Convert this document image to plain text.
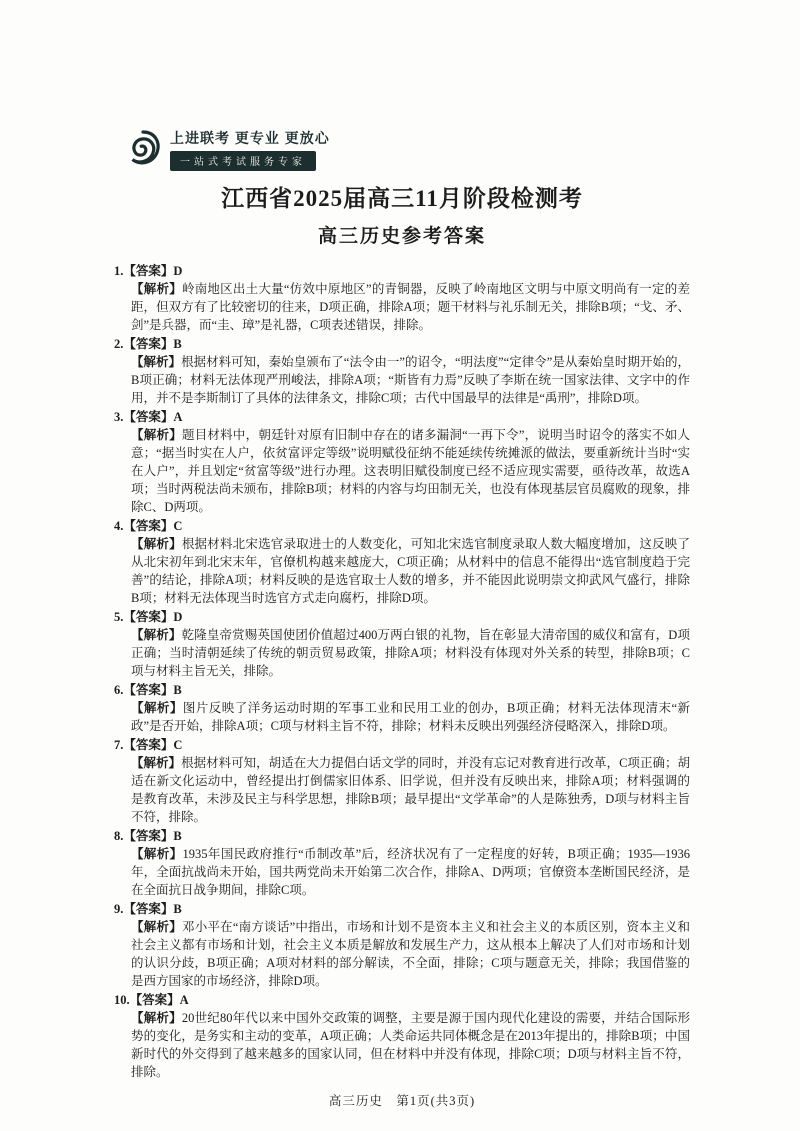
上进联考 更专业 更放心
一站式考试服务专家
江西省2025届高三11月阶段检测考
高三历史参考答案
1.【答案】D
【解析】岭南地区出土大量“仿效中原地区”的青铜器，反映了岭南地区文明与中原文明尚有一定的差距，但双方有了比较密切的往来，D项正确，排除A项；题干材料与礼乐制无关，排除B项；“戈、矛、剑”是兵器，而“圭、璋”是礼器，C项表述错误，排除。
2.【答案】B
【解析】根据材料可知，秦始皇颁布了“法令由一”的诏令，“明法度”“定律令”是从秦始皇时期开始的，B项正确；材料无法体现严刑峻法，排除A项；“斯皆有力焉”反映了李斯在统一国家法律、文字中的作用，并不是李斯制订了具体的法律条文，排除C项；古代中国最早的法律是“禹刑”，排除D项。
3.【答案】A
【解析】题目材料中，朝廷针对原有旧制中存在的诸多漏洞“一再下令”，说明当时诏令的落实不如人意；“据当时实在人户，依贫富评定等级”说明赋役征纳不能延续传统摊派的做法，要重新统计当时“实在人户”，并且划定“贫富等级”进行办理。这表明旧赋役制度已经不适应现实需要，亟待改革，故选A项；当时两税法尚未颁布，排除B项；材料的内容与均田制无关，也没有体现基层官员腐败的现象，排除C、D两项。
4.【答案】C
【解析】根据材料北宋选官录取进士的人数变化，可知北宋选官制度录取人数大幅度增加，这反映了从北宋初年到北宋末年，官僚机构越来越庞大，C项正确；从材料中的信息不能得出“选官制度趋于完善”的结论，排除A项；材料反映的是选官取士人数的增多，并不能因此说明崇文抑武风气盛行，排除B项；材料无法体现当时选官方式走向腐朽，排除D项。
5.【答案】D
【解析】乾隆皇帝赏赐英国使团价值超过400万两白银的礼物，旨在彰显大清帝国的威仪和富有，D项正确；当时清朝延续了传统的朝贡贸易政策，排除A项；材料没有体现对外关系的转型，排除B项；C项与材料主旨无关，排除。
6.【答案】B
【解析】图片反映了洋务运动时期的军事工业和民用工业的创办，B项正确；材料无法体现清末“新政”是否开始，排除A项；C项与材料主旨不符，排除；材料未反映出列强经济侵略深入，排除D项。
7.【答案】C
【解析】根据材料可知，胡适在大力提倡白话文学的同时，并没有忘记对教育进行改革，C项正确；胡适在新文化运动中，曾经提出打倒儒家旧体系、旧学说，但并没有反映出来，排除A项；材料强调的是教育改革，未涉及民主与科学思想，排除B项；最早提出“文学革命”的人是陈独秀，D项与材料主旨不符，排除。
8.【答案】B
【解析】1935年国民政府推行“币制改革”后，经济状况有了一定程度的好转，B项正确；1935—1936年，全面抗战尚未开始，国共两党尚未开始第二次合作，排除A、D两项；官僚资本垄断国民经济，是在全面抗日战争期间，排除C项。
9.【答案】B
【解析】邓小平在“南方谈话”中指出，市场和计划不是资本主义和社会主义的本质区别，资本主义和社会主义都有市场和计划，社会主义本质是解放和发展生产力，这从根本上解决了人们对市场和计划的认识分歧，B项正确；A项对材料的部分解读，不全面，排除；C项与题意无关，排除；我国借鉴的是西方国家的市场经济，排除D项。
10.【答案】A
【解析】20世纪80年代以来中国外交政策的调整，主要是源于国内现代化建设的需要，并结合国际形势的变化，是务实和主动的变革，A项正确；人类命运共同体概念是在2013年提出的，排除B项；中国新时代的外交得到了越来越多的国家认同，但在材料中并没有体现，排除C项；D项与材料主旨不符，排除。
高三历史　第1页(共3页)
